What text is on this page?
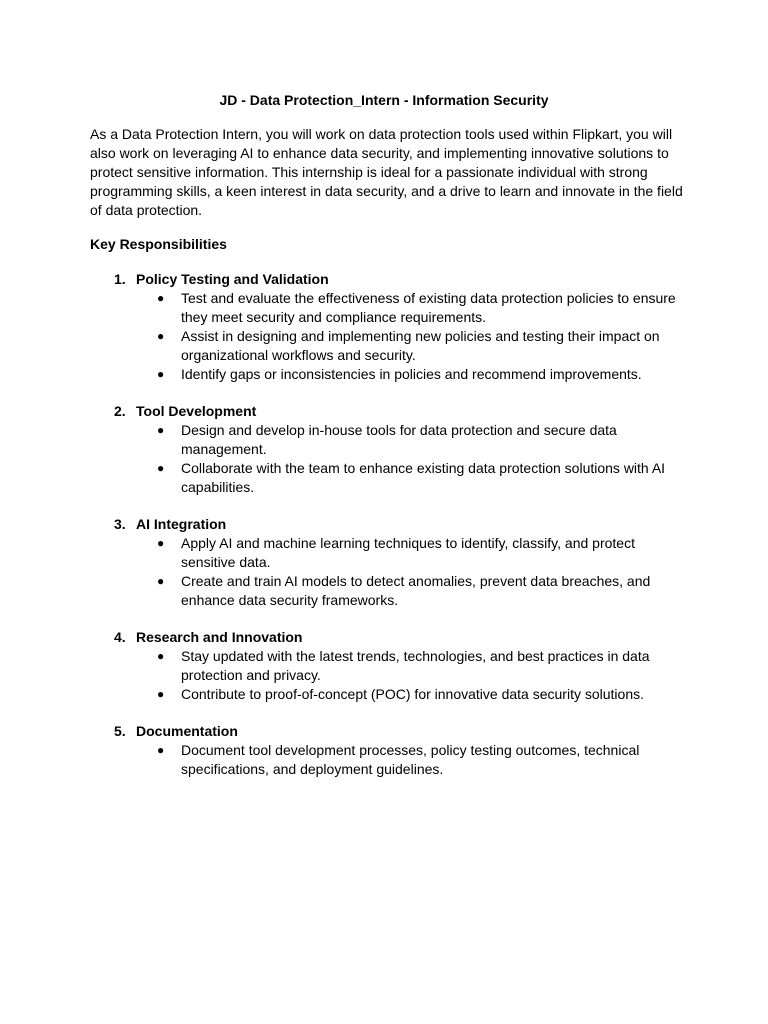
JD - Data Protection_Intern - Information Security
As a Data Protection Intern, you will work on data protection tools used within Flipkart, you will also work on leveraging AI to enhance data security, and implementing innovative solutions to protect sensitive information. This internship is ideal for a passionate individual with strong programming skills, a keen interest in data security, and a drive to learn and innovate in the field of data protection.
Key Responsibilities
1. Policy Testing and Validation
● Test and evaluate the effectiveness of existing data protection policies to ensure they meet security and compliance requirements.
● Assist in designing and implementing new policies and testing their impact on organizational workflows and security.
● Identify gaps or inconsistencies in policies and recommend improvements.
2. Tool Development
● Design and develop in-house tools for data protection and secure data management.
● Collaborate with the team to enhance existing data protection solutions with AI capabilities.
3. AI Integration
● Apply AI and machine learning techniques to identify, classify, and protect sensitive data.
● Create and train AI models to detect anomalies, prevent data breaches, and enhance data security frameworks.
4. Research and Innovation
● Stay updated with the latest trends, technologies, and best practices in data protection and privacy.
● Contribute to proof-of-concept (POC) for innovative data security solutions.
5. Documentation
● Document tool development processes, policy testing outcomes, technical specifications, and deployment guidelines.
